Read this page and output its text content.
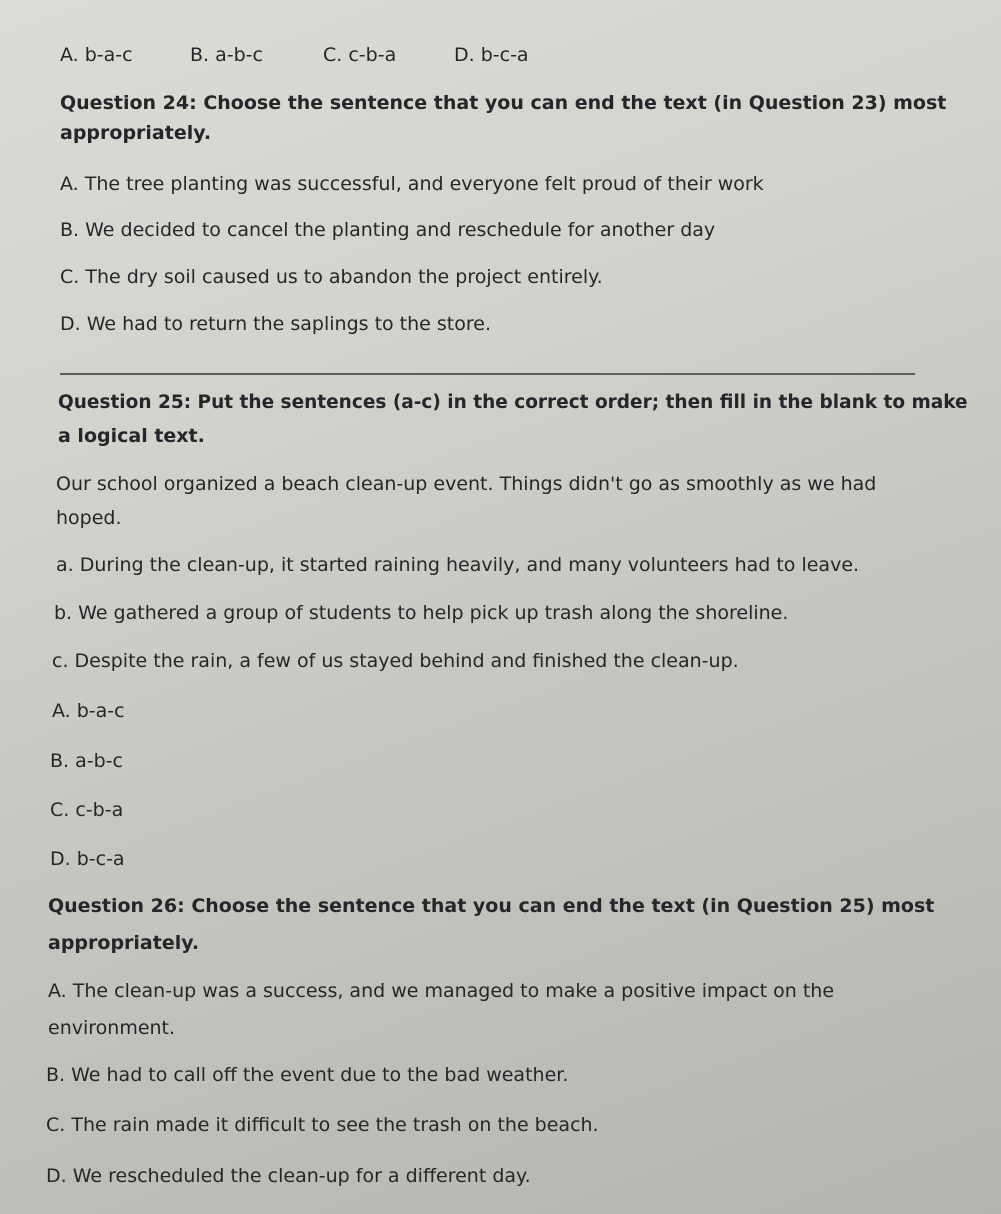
A. b-a-c	B. a-b-c	C. c-b-a	D. b-c-a

Question 24: Choose the sentence that you can end the text (in Question 23) most

appropriately.

A. The tree planting was successful, and everyone felt proud of their work

B. We decided to cancel the planting and reschedule for another day

C. The dry soil caused us to abandon the project entirely.

D. We had to return the saplings to the store.

Question 25: Put the sentences (a-c) in the correct order; then fill in the blank to make

a logical text.

Our school organized a beach clean-up event. Things didn't go as smoothly as we had

hoped.

a. During the clean-up, it started raining heavily, and many volunteers had to leave.

b. We gathered a group of students to help pick up trash along the shoreline.

c. Despite the rain, a few of us stayed behind and finished the clean-up.

A. b-a-c

B. a-b-c

C. c-b-a

D. b-c-a

Question 26: Choose the sentence that you can end the text (in Question 25) most

appropriately.

A. The clean-up was a success, and we managed to make a positive impact on the

environment.

B. We had to call off the event due to the bad weather.

C. The rain made it difficult to see the trash on the beach.

D. We rescheduled the clean-up for a different day.
